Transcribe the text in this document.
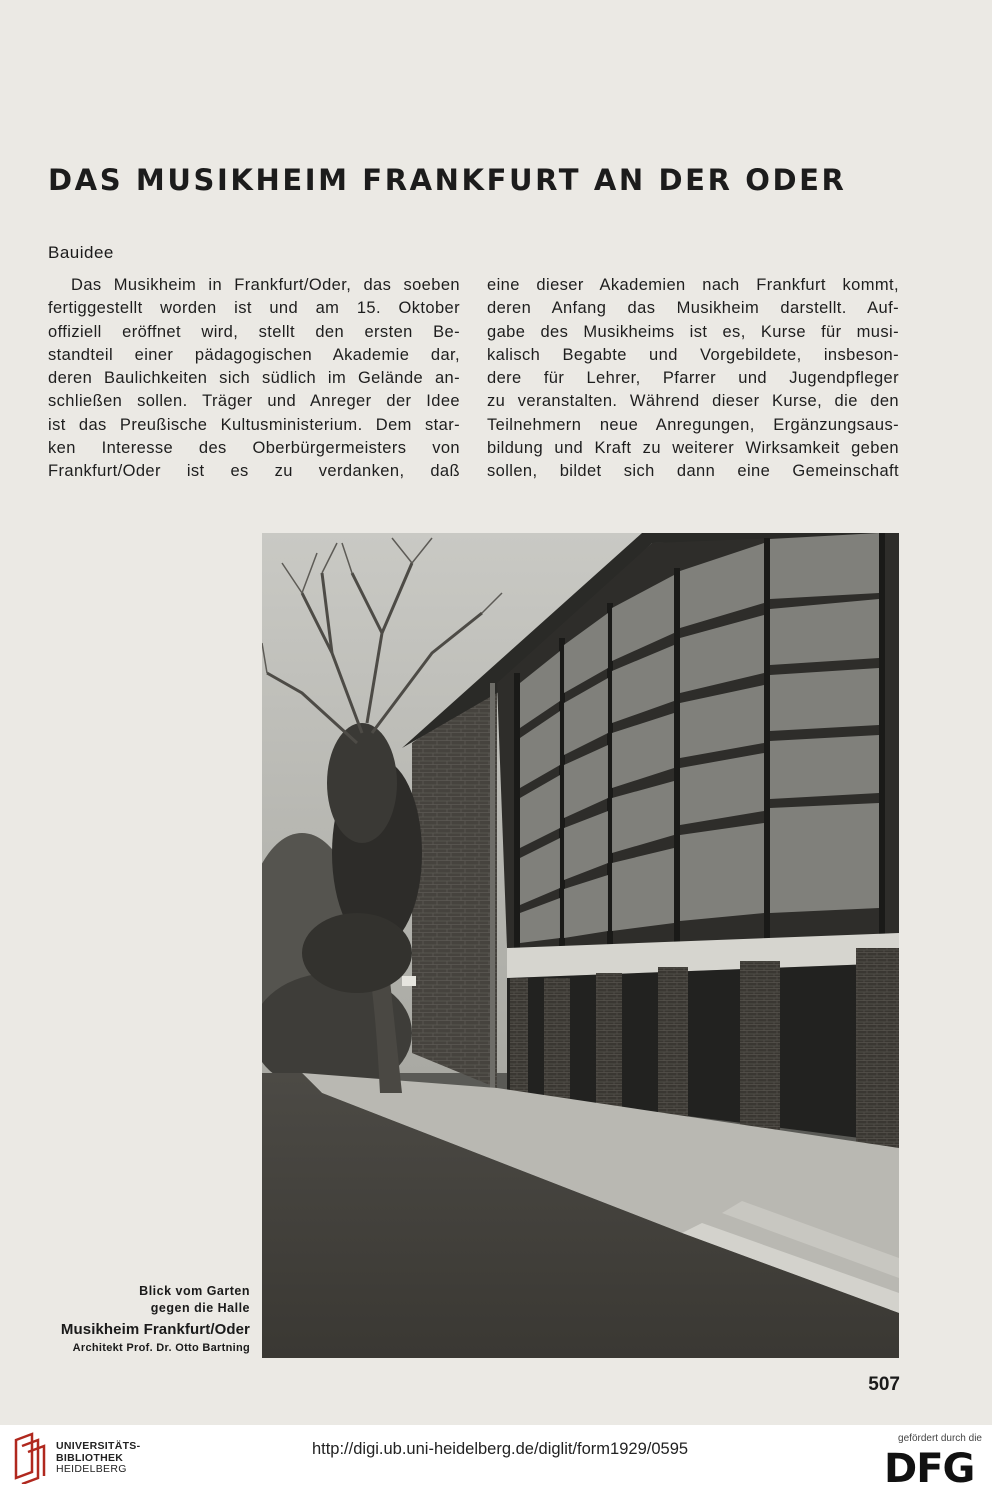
DAS MUSIKHEIM FRANKFURT AN DER ODER
Bauidee
Das Musikheim in Frankfurt/Oder, das soeben
fertiggestellt worden ist und am 15. Oktober
offiziell eröffnet wird, stellt den ersten Be-
standteil einer pädagogischen Akademie dar,
deren Baulichkeiten sich südlich im Gelände an-
schließen sollen. Träger und Anreger der Idee
ist das Preußische Kultusministerium. Dem star-
ken Interesse des Oberbürgermeisters von
Frankfurt/Oder ist es zu verdanken, daß
eine dieser Akademien nach Frankfurt kommt,
deren Anfang das Musikheim darstellt. Auf-
gabe des Musikheims ist es, Kurse für musi-
kalisch Begabte und Vorgebildete, insbeson-
dere für Lehrer, Pfarrer und Jugendpfleger
zu veranstalten. Während dieser Kurse, die den
Teilnehmern neue Anregungen, Ergänzungsaus-
bildung und Kraft zu weiterer Wirksamkeit geben
sollen, bildet sich dann eine Gemeinschaft
Blick vom Garten
gegen die Halle
Musikheim Frankfurt/Oder
Architekt Prof. Dr. Otto Bartning
507
UNIVERSITÄTS-
BIBLIOTHEK
HEIDELBERG
http://digi.ub.uni-heidelberg.de/diglit/form1929/0595
gefördert durch die
DFG
